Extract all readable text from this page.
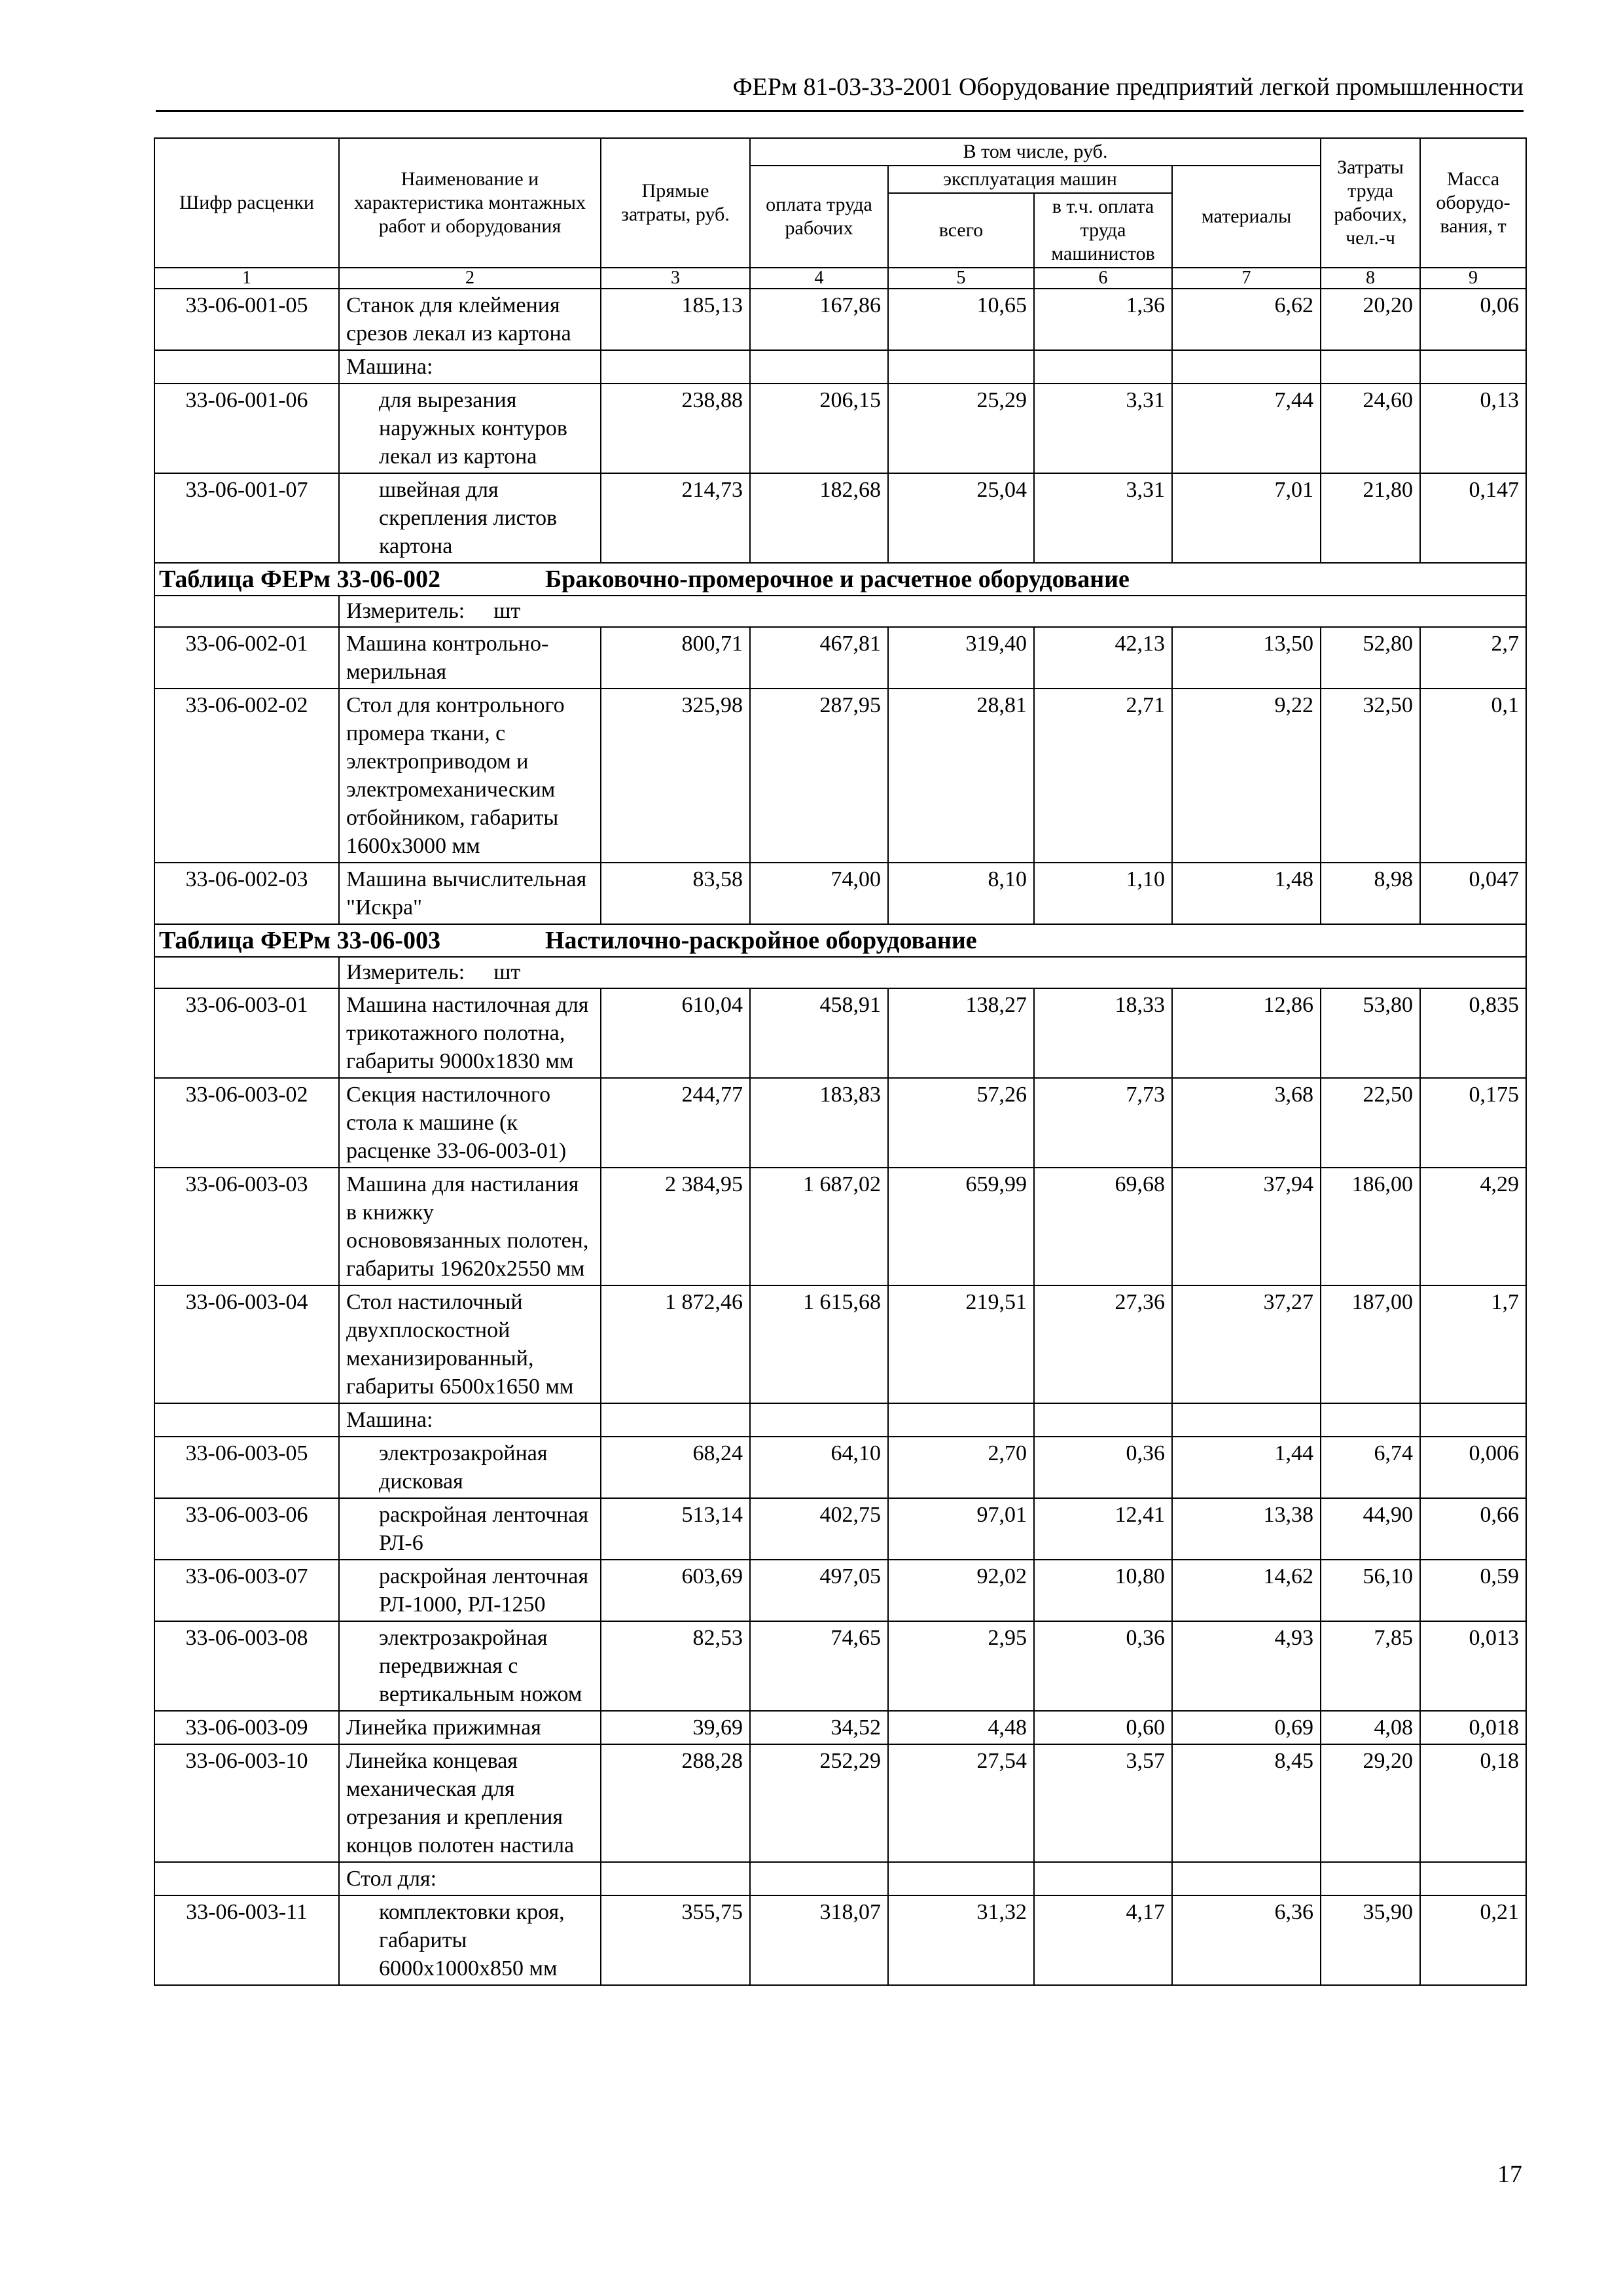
ФЕРм 81-03-33-2001 Оборудование предприятий легкой промышленности
Шифр расценки	Наименование и характеристика монтажных работ и оборудования	Прямые затраты, руб.	В том числе, руб.				Затраты труда рабочих, чел.-ч	Масса оборудо-вания, т
			оплата труда рабочих	эксплуатация машин		материалы		
				всего	в т.ч. оплата труда машинистов			
1	2	3	4	5	6	7	8	9
33-06-001-05	Станок для клеймения срезов лекал из картона	185,13	167,86	10,65	1,36	6,62	20,20	0,06
	Машина:							
33-06-001-06	для вырезания наружных контуров лекал из картона	238,88	206,15	25,29	3,31	7,44	24,60	0,13
33-06-001-07	швейная для скрепления листов картона	214,73	182,68	25,04	3,31	7,01	21,80	0,147
Таблица ФЕРм 33-06-002 Браковочно-промерочное и расчетное оборудование								
	Измеритель: шт							
33-06-002-01	Машина контрольно-мерильная	800,71	467,81	319,40	42,13	13,50	52,80	2,7
33-06-002-02	Стол для контрольного промера ткани, с электроприводом и электромеханическим отбойником, габариты 1600х3000 мм	325,98	287,95	28,81	2,71	9,22	32,50	0,1
33-06-002-03	Машина вычислительная "Искра"	83,58	74,00	8,10	1,10	1,48	8,98	0,047
Таблица ФЕРм 33-06-003 Настилочно-раскройное оборудование								
	Измеритель: шт							
33-06-003-01	Машина настилочная для трикотажного полотна, габариты 9000х1830 мм	610,04	458,91	138,27	18,33	12,86	53,80	0,835
33-06-003-02	Секция настилочного стола к машине (к расценке 33-06-003-01)	244,77	183,83	57,26	7,73	3,68	22,50	0,175
33-06-003-03	Машина для настилания в книжку основовязанных полотен, габариты 19620х2550 мм	2 384,95	1 687,02	659,99	69,68	37,94	186,00	4,29
33-06-003-04	Стол настилочный двухплоскостной механизированный, габариты 6500х1650 мм	1 872,46	1 615,68	219,51	27,36	37,27	187,00	1,7
	Машина:							
33-06-003-05	электрозакройная дисковая	68,24	64,10	2,70	0,36	1,44	6,74	0,006
33-06-003-06	раскройная ленточная РЛ-6	513,14	402,75	97,01	12,41	13,38	44,90	0,66
33-06-003-07	раскройная ленточная РЛ-1000, РЛ-1250	603,69	497,05	92,02	10,80	14,62	56,10	0,59
33-06-003-08	электрозакройная передвижная с вертикальным ножом	82,53	74,65	2,95	0,36	4,93	7,85	0,013
33-06-003-09	Линейка прижимная	39,69	34,52	4,48	0,60	0,69	4,08	0,018
33-06-003-10	Линейка концевая механическая для отрезания и крепления концов полотен настила	288,28	252,29	27,54	3,57	8,45	29,20	0,18
	Стол для:							
33-06-003-11	комплектовки кроя, габариты 6000х1000х850 мм	355,75	318,07	31,32	4,17	6,36	35,90	0,21
17
